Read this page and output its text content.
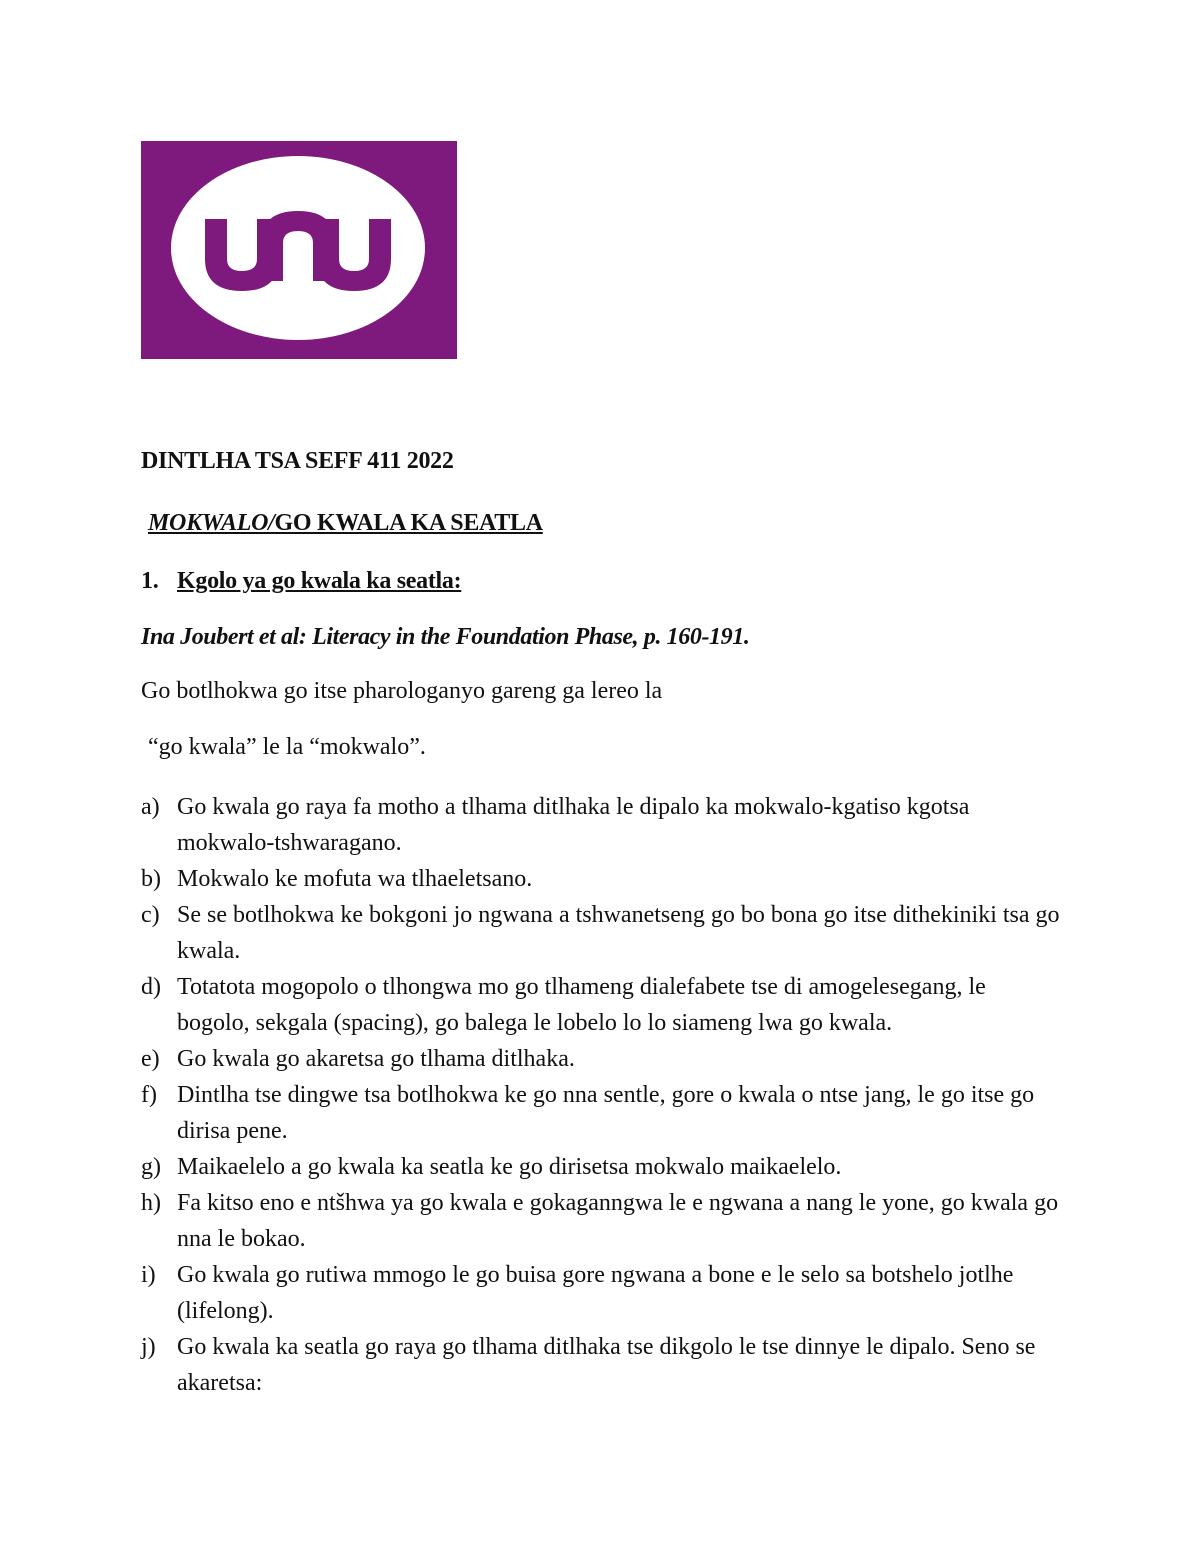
DINTLHA TSA SEFF 411 2022
MOKWALO/GO KWALA KA SEATLA
1. Kgolo ya go kwala ka seatla:

Ina Joubert et al: Literacy in the Foundation Phase, p. 160-191.

Go botlhokwa go itse pharologanyo gareng ga lereo la

“go kwala” le la “mokwalo”.

a) Go kwala go raya fa motho a tlhama ditlhaka le dipalo ka mokwalo-kgatiso kgotsa mokwalo-tshwaragano.
b) Mokwalo ke mofuta wa tlhaeletsano.
c) Se se botlhokwa ke bokgoni jo ngwana a tshwanetseng go bo bona go itse dithekiniki tsa go kwala.
d) Totatota mogopolo o tlhongwa mo go tlhameng dialefabete tse di amogelesegang, le bogolo, sekgala (spacing), go balega le lobelo lo lo siameng lwa go kwala.
e) Go kwala go akaretsa go tlhama ditlhaka.
f) Dintlha tse dingwe tsa botlhokwa ke go nna sentle, gore o kwala o ntse jang, le go itse go dirisa pene.
g) Maikaelelo a go kwala ka seatla ke go dirisetsa mokwalo maikaelelo.
h) Fa kitso eno e ntšhwa ya go kwala e gokaganngwa le e ngwana a nang le yone, go kwala go nna le bokao.
i) Go kwala go rutiwa mmogo le go buisa gore ngwana a bone e le selo sa botshelo jotlhe (lifelong).
j) Go kwala ka seatla go raya go tlhama ditlhaka tse dikgolo le tse dinnye le dipalo. Seno se akaretsa:
